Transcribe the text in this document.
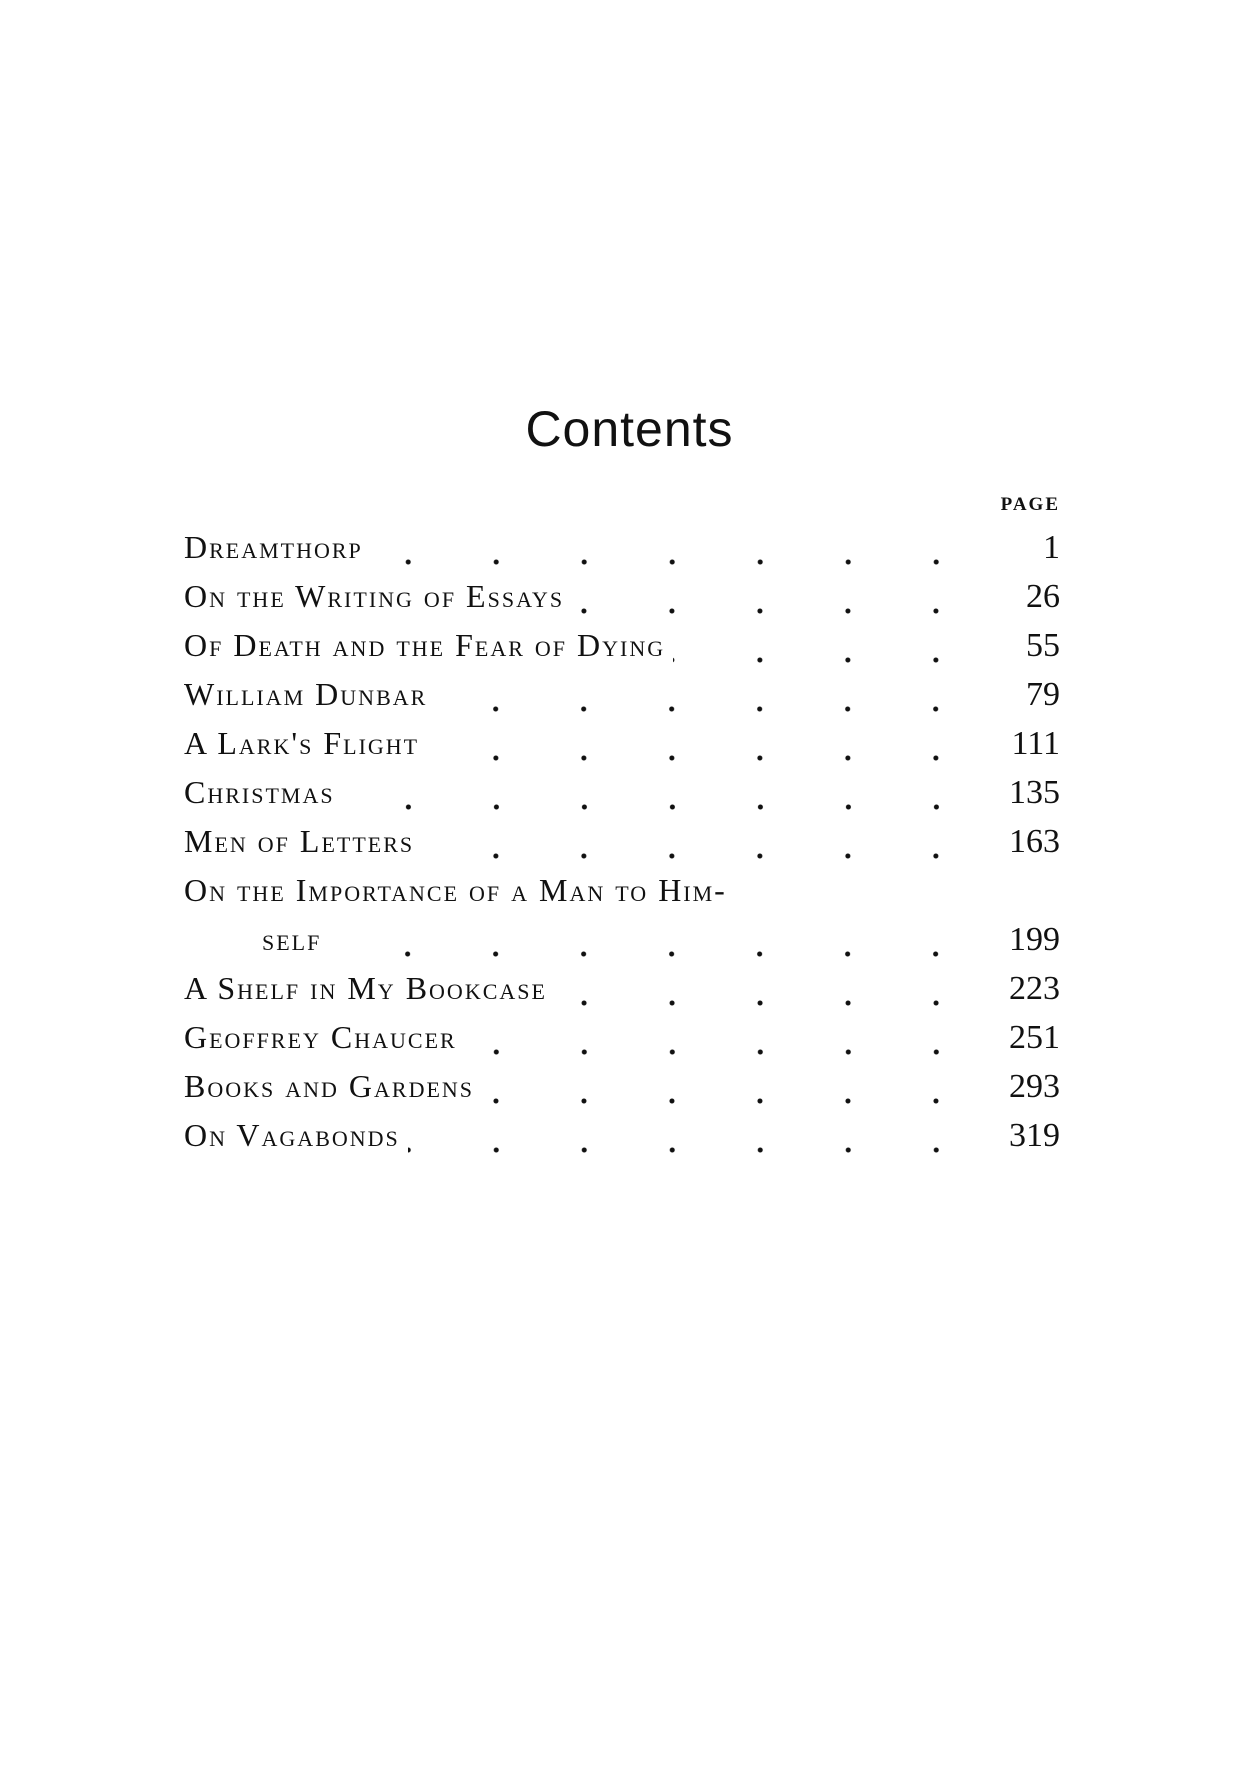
Contents
PAGE
Dreamthorp	1
On the Writing of Essays	26
Of Death and the Fear of Dying	55
William Dunbar	79
A Lark's Flight	111
Christmas	135
Men of Letters	163
On the Importance of a Man to Him-
self	199
A Shelf in My Bookcase	223
Geoffrey Chaucer	251
Books and Gardens	293
On Vagabonds	319
